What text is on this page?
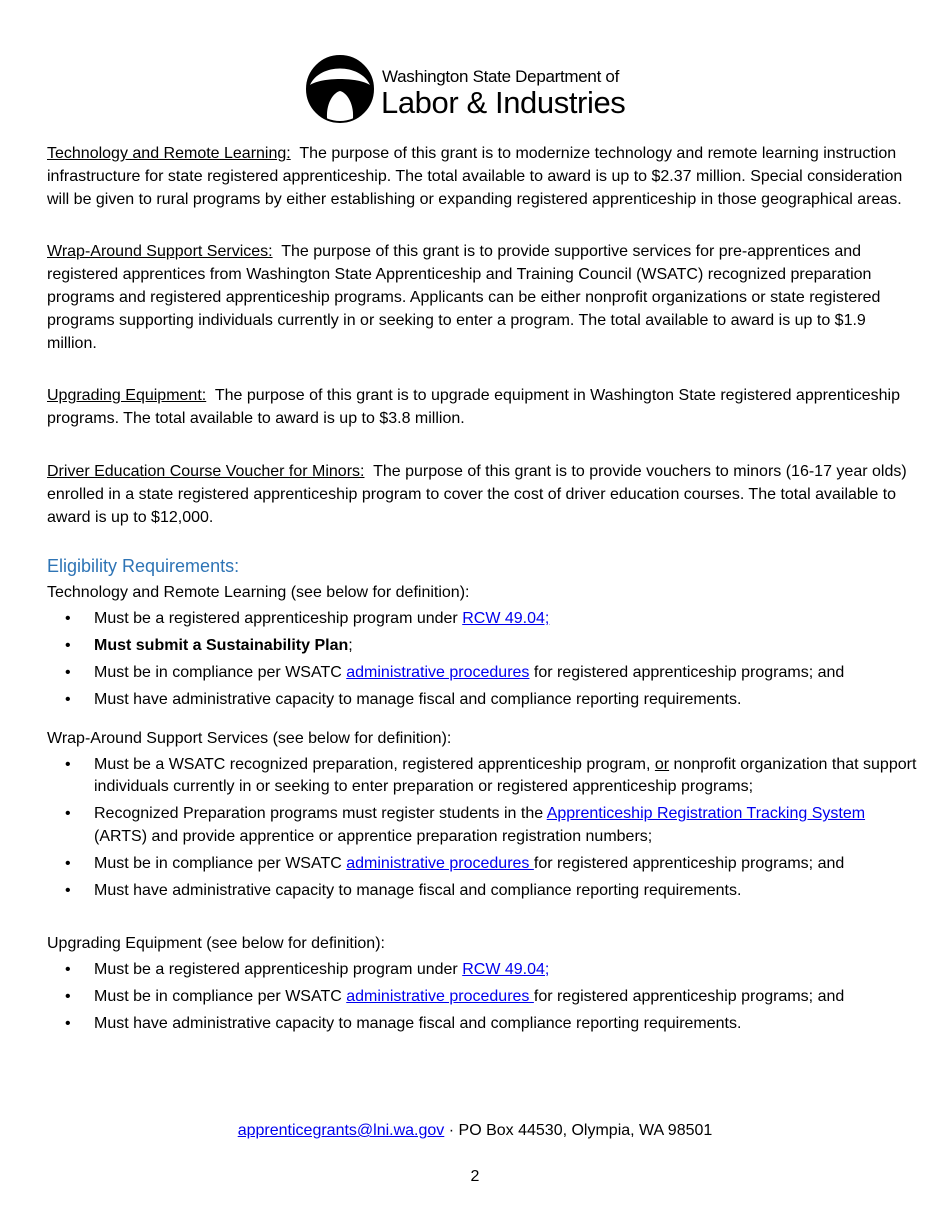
Washington State Department of
Labor & Industries

Technology and Remote Learning: The purpose of this grant is to modernize technology and remote learning instruction infrastructure for state registered apprenticeship. The total available to award is up to $2.37 million. Special consideration will be given to rural programs by either establishing or expanding registered apprenticeship in those geographical areas.

Wrap-Around Support Services: The purpose of this grant is to provide supportive services for pre-apprentices and registered apprentices from Washington State Apprenticeship and Training Council (WSATC) recognized preparation programs and registered apprenticeship programs. Applicants can be either nonprofit organizations or state registered programs supporting individuals currently in or seeking to enter a program. The total available to award is up to $1.9 million.

Upgrading Equipment: The purpose of this grant is to upgrade equipment in Washington State registered apprenticeship programs. The total available to award is up to $3.8 million.

Driver Education Course Voucher for Minors: The purpose of this grant is to provide vouchers to minors (16-17 year olds) enrolled in a state registered apprenticeship program to cover the cost of driver education courses. The total available to award is up to $12,000.

Eligibility Requirements:

Technology and Remote Learning (see below for definition):

• Must be a registered apprenticeship program under RCW 49.04;
• Must submit a Sustainability Plan;
• Must be in compliance per WSATC administrative procedures for registered apprenticeship programs; and
• Must have administrative capacity to manage fiscal and compliance reporting requirements.

Wrap-Around Support Services (see below for definition):

• Must be a WSATC recognized preparation, registered apprenticeship program, or nonprofit organization that support individuals currently in or seeking to enter preparation or registered apprenticeship programs;
• Recognized Preparation programs must register students in the Apprenticeship Registration Tracking System (ARTS) and provide apprentice or apprentice preparation registration numbers;
• Must be in compliance per WSATC administrative procedures for registered apprenticeship programs; and
• Must have administrative capacity to manage fiscal and compliance reporting requirements.

Upgrading Equipment (see below for definition):

• Must be a registered apprenticeship program under RCW 49.04;
• Must be in compliance per WSATC administrative procedures for registered apprenticeship programs; and
• Must have administrative capacity to manage fiscal and compliance reporting requirements.
apprenticegrants@lni.wa.gov · PO Box 44530, Olympia, WA 98501
2
